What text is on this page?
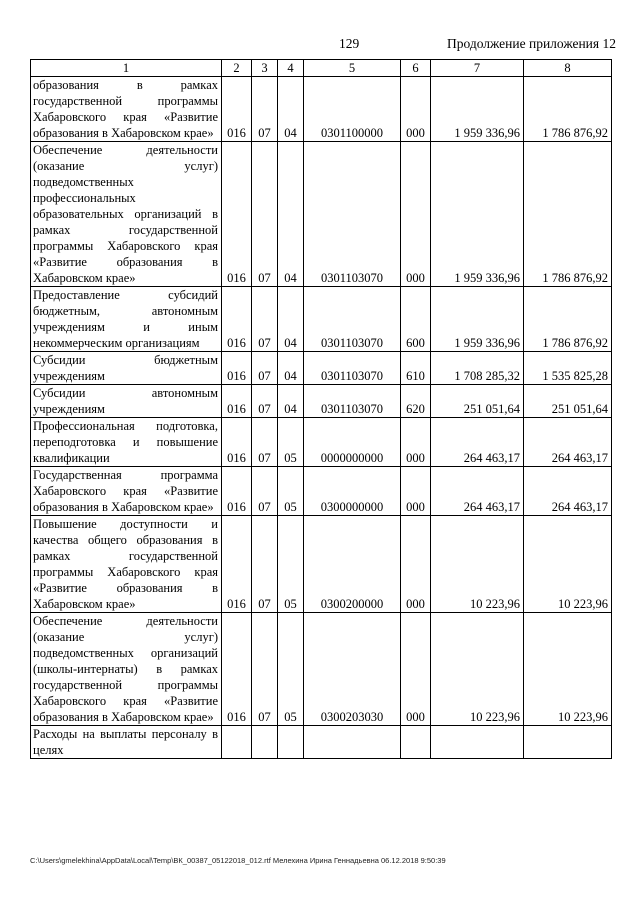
129	Продолжение приложения 12
1	2	3	4	5	6	7	8
образования в рамках государственной программы Хабаровского края «Развитие образования в Хабаровском крае»	016	07	04	0301100000	000	1 959 336,96	1 786 876,92
Обеспечение деятельности (оказание услуг) подведомственных профессиональных образовательных организаций в рамках государственной программы Хабаровского края «Развитие образования в Хабаровском крае»	016	07	04	0301103070	000	1 959 336,96	1 786 876,92
Предоставление субсидий бюджетным, автономным учреждениям и иным некоммерческим организациям	016	07	04	0301103070	600	1 959 336,96	1 786 876,92
Субсидии бюджетным учреждениям	016	07	04	0301103070	610	1 708 285,32	1 535 825,28
Субсидии автономным учреждениям	016	07	04	0301103070	620	251 051,64	251 051,64
Профессиональная подготовка, переподготовка и повышение квалификации	016	07	05	0000000000	000	264 463,17	264 463,17
Государственная программа Хабаровского края «Развитие образования в Хабаровском крае»	016	07	05	0300000000	000	264 463,17	264 463,17
Повышение доступности и качества общего образования в рамках государственной программы Хабаровского края «Развитие образования в Хабаровском крае»	016	07	05	0300200000	000	10 223,96	10 223,96
Обеспечение деятельности (оказание услуг) подведомственных организаций (школы-интернаты) в рамках государственной программы Хабаровского края «Развитие образования в Хабаровском крае»	016	07	05	0300203030	000	10 223,96	10 223,96
Расходы на выплаты персоналу в целях							
C:\Users\gmelekhina\AppData\Local\Temp\ВК_00387_05122018_012.rtf Мелехина Ирина Геннадьевна 06.12.2018 9:50:39
